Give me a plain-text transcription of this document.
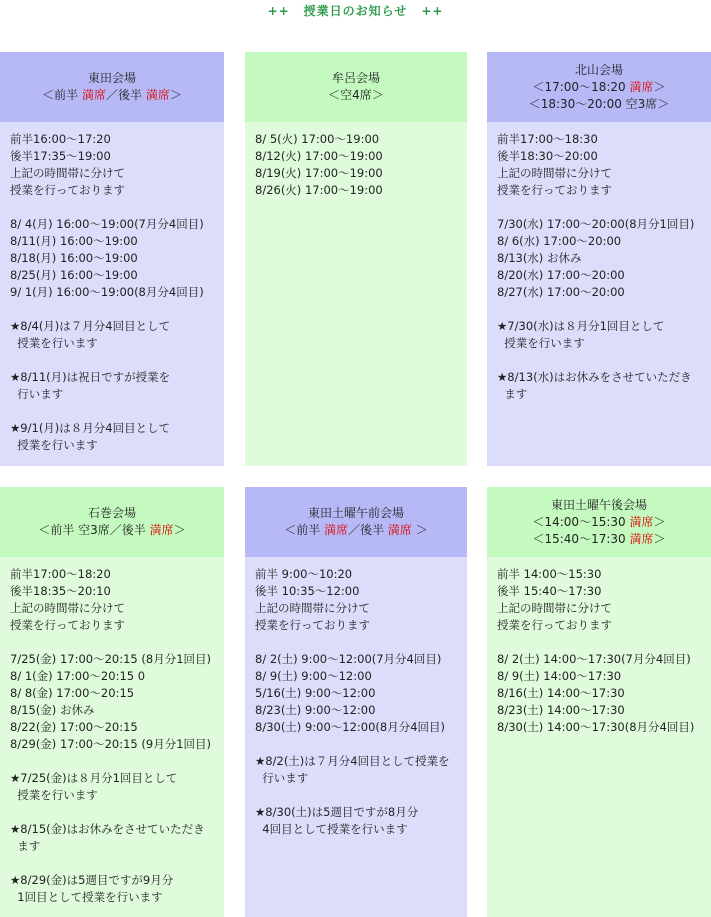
++ 授業日のお知らせ ++
東田会場
＜前半 満席／後半 満席＞
前半16:00～17:20
後半17:35～19:00
上記の時間帯に分けて
授業を行っております
8/ 4(月) 16:00～19:00(7月分4回目)
8/11(月) 16:00～19:00
8/18(月) 16:00～19:00
8/25(月) 16:00～19:00
9/ 1(月) 16:00～19:00(8月分4回目)
★8/4(月)は７月分4回目として
授業を行います
★8/11(月)は祝日ですが授業を
行います
★9/1(月)は８月分4回目として
授業を行います
牟呂会場
＜空4席＞
8/ 5(火) 17:00～19:00
8/12(火) 17:00～19:00
8/19(火) 17:00～19:00
8/26(火) 17:00～19:00
北山会場
＜17:00～18:20 満席＞
＜18:30～20:00 空3席＞
前半17:00～18:30
後半18:30～20:00
上記の時間帯に分けて
授業を行っております
7/30(水) 17:00～20:00(8月分1回目)
8/ 6(水) 17:00～20:00
8/13(水) お休み
8/20(水) 17:00～20:00
8/27(水) 17:00～20:00
★7/30(水)は８月分1回目として
授業を行います
★8/13(水)はお休みをさせていただき
ます
石巻会場
＜前半 空3席／後半 満席＞
前半17:00～18:20
後半18:35～20:10
上記の時間帯に分けて
授業を行っております
7/25(金) 17:00～20:15 (8月分1回目)
8/ 1(金) 17:00～20:15 0
8/ 8(金) 17:00～20:15
8/15(金) お休み
8/22(金) 17:00～20:15
8/29(金) 17:00～20:15 (9月分1回目)
★7/25(金)は８月分1回目として
授業を行います
★8/15(金)はお休みをさせていただき
ます
★8/29(金)は5週目ですが9月分
1回目として授業を行います
東田土曜午前会場
＜前半 満席／後半 満席 ＞
前半 9:00～10:20
後半 10:35～12:00
上記の時間帯に分けて
授業を行っております
8/ 2(土) 9:00～12:00(7月分4回目)
8/ 9(土) 9:00～12:00
5/16(土) 9:00～12:00
8/23(土) 9:00～12:00
8/30(土) 9:00～12:00(8月分4回目)
★8/2(土)は７月分4回目として授業を
行います
★8/30(土)は5週目ですが8月分
4回目として授業を行います
東田土曜午後会場
＜14:00～15:30 満席＞
＜15:40～17:30 満席＞
前半 14:00～15:30
後半 15:40～17:30
上記の時間帯に分けて
授業を行っております
8/ 2(土) 14:00～17:30(7月分4回目)
8/ 9(土) 14:00～17:30
8/16(土) 14:00～17:30
8/23(土) 14:00～17:30
8/30(土) 14:00～17:30(8月分4回目)
